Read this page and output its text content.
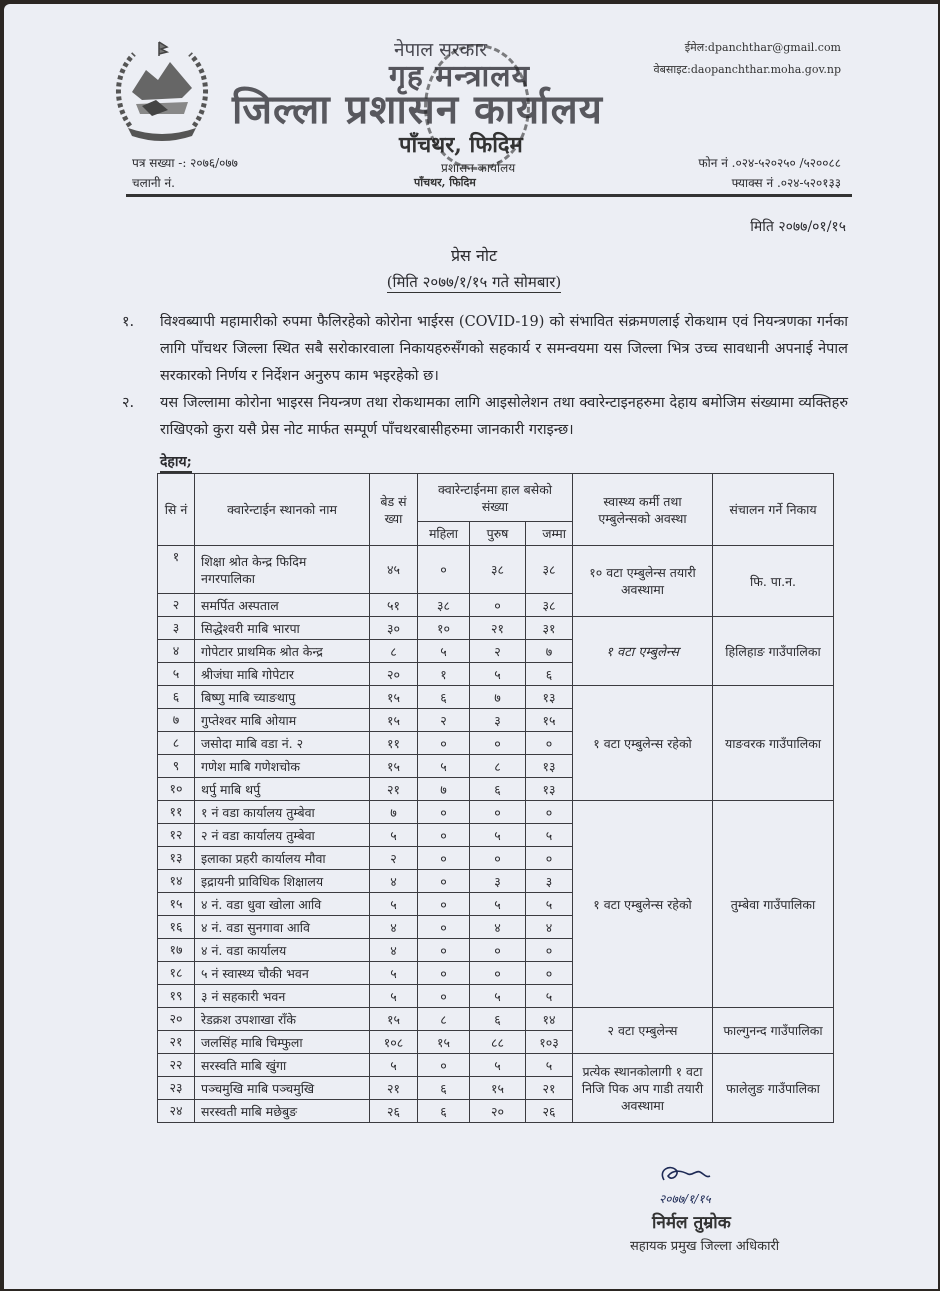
नेपाल सरकार
गृह मन्त्रालय
जिल्ला प्रशासन कार्यालय
पाँचथर, फिदिम
प्रशासन कार्यालय
पाँचथर, फिदिम
ईमेल:dpanchthar@gmail.com
वेबसाइट:daopanchthar.moha.gov.np
पत्र सख्या -: २०७६/०७७
चलानी नं.
फोन नं .०२४-५२०२५० /५२००८८
फ्याक्स नं .०२४-५२०१३३
मिति २०७७/०१/१५
प्रेस नोट
(मिति २०७७/१/१५ गते सोमबार)
१. विश्वब्यापी महामारीको रुपमा फैलिरहेको कोरोना भाईरस (COVID-19) को संभावित संक्रमणलाई रोकथाम एवं नियन्त्रणका गर्नका लागि पाँचथर जिल्ला स्थित सबै सरोकारवाला निकायहरुसँगको सहकार्य र समन्वयमा यस जिल्ला भित्र उच्च सावधानी अपनाई नेपाल सरकारको निर्णय र निर्देशन अनुरुप काम भइरहेको छ।
२. यस जिल्लामा कोरोना भाइरस नियन्त्रण तथा रोकथामका लागि आइसोलेशन तथा क्वारेन्टाइनहरुमा देहाय बमोजिम संख्यामा व्यक्तिहरु राखिएको कुरा यसै प्रेस नोट मार्फत सम्पूर्ण पाँचथरबासीहरुमा जानकारी गराइन्छ।
देहाय;
सि नं	क्वारेन्टाईन स्थानको नाम	बेड सं ख्या	क्वारेन्टाईनमा हाल बसेको संख्या			स्वास्थ्य कर्मी तथा एम्बुलेन्सको अवस्था	संचालन गर्ने निकाय
			महिला	पुरुष	जम्मा		
१	शिक्षा श्रोत केन्द्र फिदिम नगरपालिका	४५	०	३८	३८	१० वटा एम्बुलेन्स तयारी अवस्थामा	फि. पा.न.
२	समर्पित अस्पताल	५१	३८	०	३८		
३	सिद्धेश्वरी माबि भारपा	३०	१०	२१	३१	१ वटा एम्बुलेन्स	हिलिहाङ गाउँपालिका
४	गोपेटार प्राथमिक श्रोत केन्द्र	८	५	२	७		
५	श्रीजंघा माबि गोपेटार	२०	१	५	६		
६	बिष्णु माबि च्याङथापु	१५	६	७	१३	१ वटा एम्बुलेन्स रहेको	याङवरक गाउँपालिका
७	गुप्तेश्वर माबि ओयाम	१५	२	३	१५		
८	जसोदा माबि वडा नं. २	११	०	०	०		
९	गणेश माबि गणेशचोक	१५	५	८	१३		
१०	थर्पु माबि थर्पु	२१	७	६	१३		
११	१ नं वडा कार्यालय तुम्बेवा	७	०	०	०	१ वटा एम्बुलेन्स रहेको	तुम्बेवा गाउँपालिका
१२	२ नं वडा कार्यालय तुम्बेवा	५	०	५	५		
१३	इलाका प्रहरी कार्यालय मौवा	२	०	०	०		
१४	इद्रायनी प्राविधिक शिक्षालय	४	०	३	३		
१५	४ नं. वडा धुवा खोला आवि	५	०	५	५		
१६	४ नं. वडा सुनगावा आवि	४	०	४	४		
१७	४ नं. वडा कार्यालय	४	०	०	०		
१८	५ नं स्वास्थ्य चौकी भवन	५	०	०	०		
१९	३ नं सहकारी भवन	५	०	५	५		
२०	रेडक्रश उपशाखा राँके	१५	८	६	१४	२ वटा एम्बुलेन्स	फाल्गुनन्द गाउँपालिका
२१	जलसिंह माबि चिम्फुला	१०८	१५	८८	१०३		
२२	सरस्वति माबि खुंगा	५	०	५	५	प्रत्येक स्थानकोलागी १ वटा निजि पिक अप गाडी तयारी अवस्थामा	फालेलुङ गाउँपालिका
२३	पञ्चमुखि माबि पञ्चमुखि	२१	६	१५	२१		
२४	सरस्वती माबि मछेबुङ	२६	६	२०	२६		
२०७७/१/१५
निर्मल तुम्रोक
सहायक प्रमुख जिल्ला अधिकारी
